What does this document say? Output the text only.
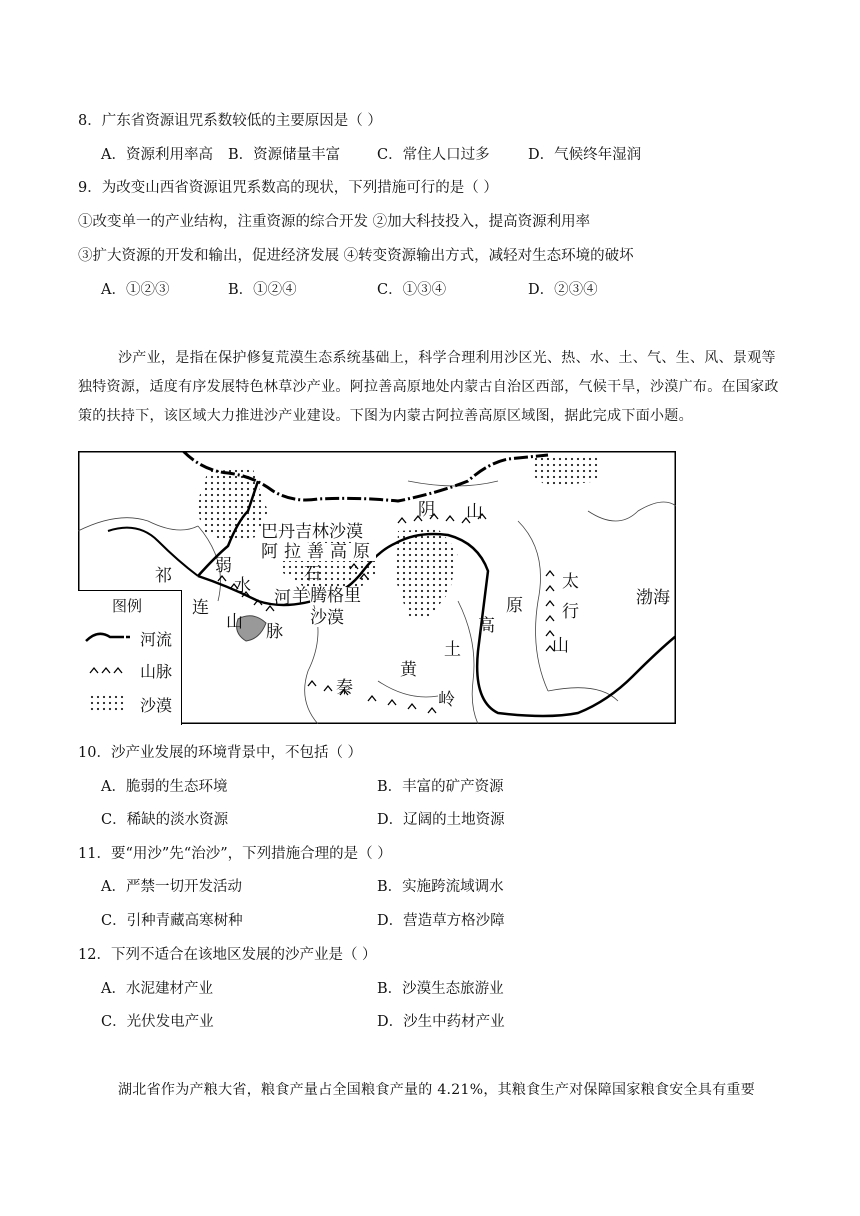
8．广东省资源诅咒系数较低的主要原因是（ ）
A．资源利用率高 B．资源储量丰富	C．常住人口过多	D．气候终年湿润
9．为改变山西省资源诅咒系数高的现状，下列措施可行的是（ ）
①改变单一的产业结构，注重资源的综合开发 ②加大科技投入，提高资源利用率
③扩大资源的开发和输出，促进经济发展 ④转变资源输出方式，减轻对生态环境的破坏
A．①②③	B．①②④	C．①③④	D．②③④
沙产业，是指在保护修复荒漠生态系统基础上，科学合理利用沙区光、热、水、土、气、生、风、景观等独特资源，适度有序发展特色林草沙产业。阿拉善高原地处内蒙古自治区西部，气候干旱，沙漠广布。在国家政策的扶持下，该区域大力推进沙产业建设。下图为内蒙古阿拉善高原区域图，据此完成下面小题。
阴 山
巴丹吉林沙漠
阿拉善高原
祁	弱
水
连
山
石
河 羊 腾格里
沙漠
脉
太
行
山
原
高
土
黄
秦
岭
渤海
图例
河流
山脉
沙漠
10．沙产业发展的环境背景中，不包括（ ）
A．脆弱的生态环境	B．丰富的矿产资源
C．稀缺的淡水资源	D．辽阔的土地资源
11．要“用沙”先“治沙”，下列措施合理的是（ ）
A．严禁一切开发活动	B．实施跨流域调水
C．引种青藏高寒树种	D．营造草方格沙障
12．下列不适合在该地区发展的沙产业是（ ）
A．水泥建材产业	B．沙漠生态旅游业
C．光伏发电产业	D．沙生中药材产业
湖北省作为产粮大省，粮食产量占全国粮食产量的 4.21%，其粮食生产对保障国家粮食安全具有重要
